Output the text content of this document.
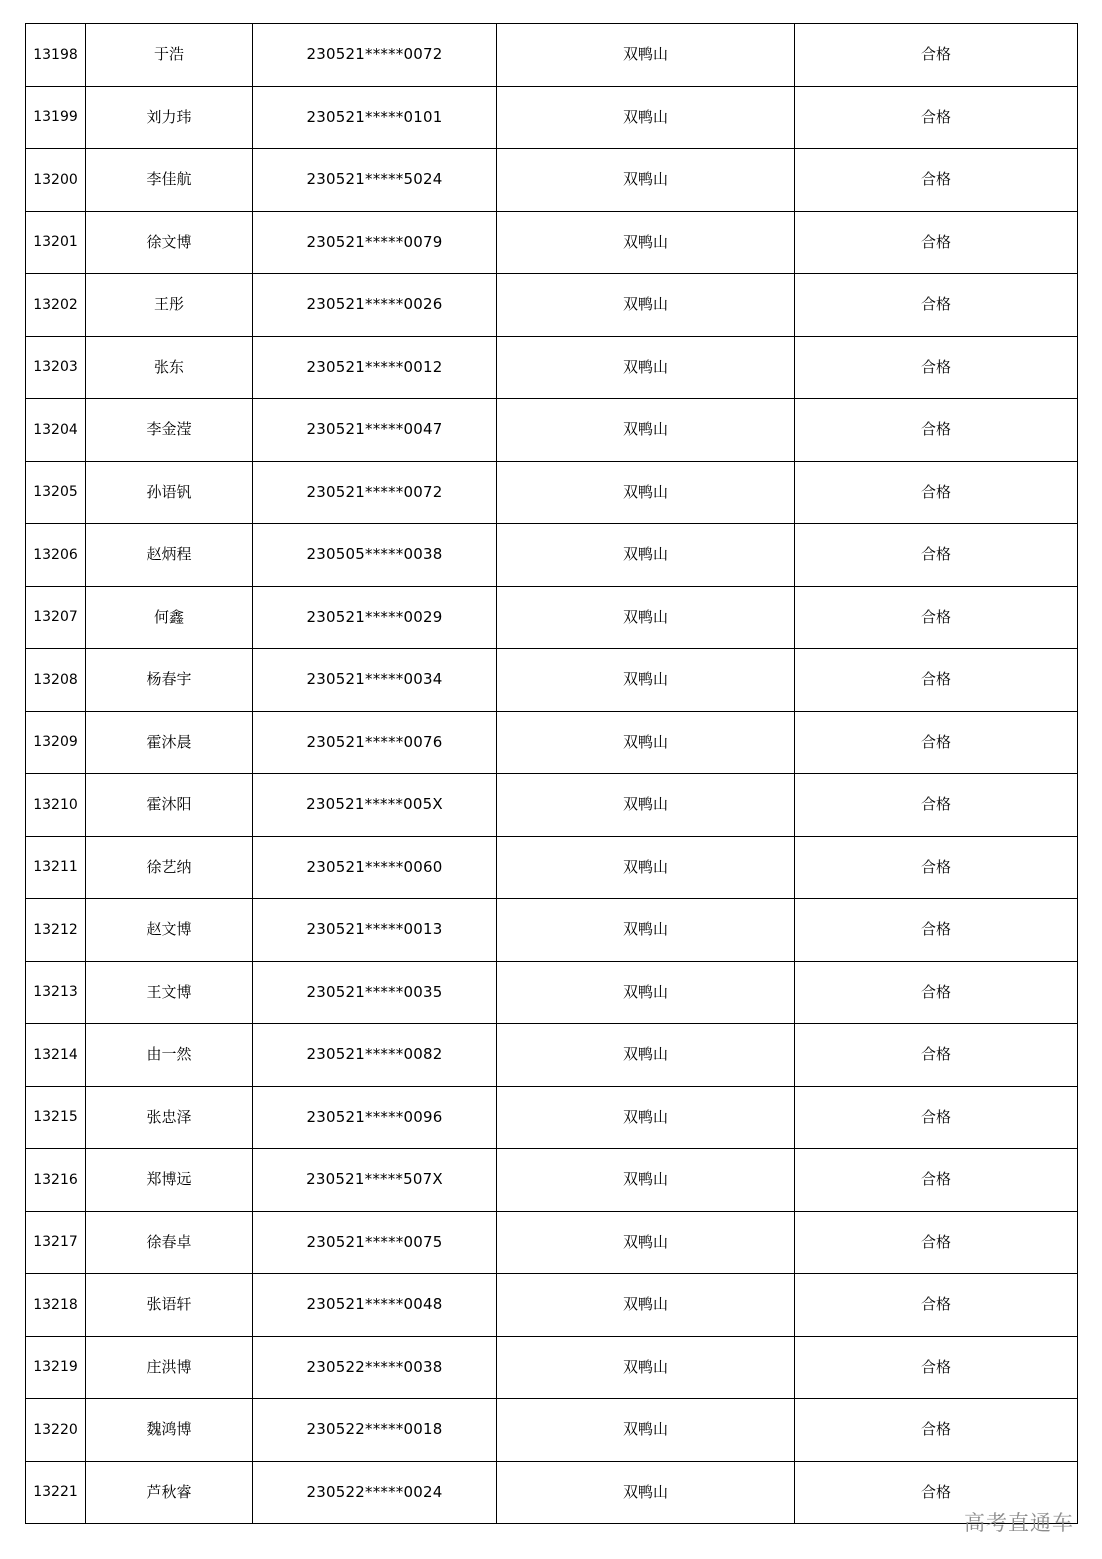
13198	于浩	230521*****0072	双鸭山	合格
13199	刘力玮	230521*****0101	双鸭山	合格
13200	李佳航	230521*****5024	双鸭山	合格
13201	徐文博	230521*****0079	双鸭山	合格
13202	王彤	230521*****0026	双鸭山	合格
13203	张东	230521*****0012	双鸭山	合格
13204	李金滢	230521*****0047	双鸭山	合格
13205	孙语钒	230521*****0072	双鸭山	合格
13206	赵炳程	230505*****0038	双鸭山	合格
13207	何鑫	230521*****0029	双鸭山	合格
13208	杨春宇	230521*****0034	双鸭山	合格
13209	霍沐晨	230521*****0076	双鸭山	合格
13210	霍沐阳	230521*****005X	双鸭山	合格
13211	徐艺纳	230521*****0060	双鸭山	合格
13212	赵文博	230521*****0013	双鸭山	合格
13213	王文博	230521*****0035	双鸭山	合格
13214	由一然	230521*****0082	双鸭山	合格
13215	张忠泽	230521*****0096	双鸭山	合格
13216	郑博远	230521*****507X	双鸭山	合格
13217	徐春卓	230521*****0075	双鸭山	合格
13218	张语轩	230521*****0048	双鸭山	合格
13219	庄洪博	230522*****0038	双鸭山	合格
13220	魏鸿博	230522*****0018	双鸭山	合格
13221	芦秋睿	230522*****0024	双鸭山	合格
高考直通车
